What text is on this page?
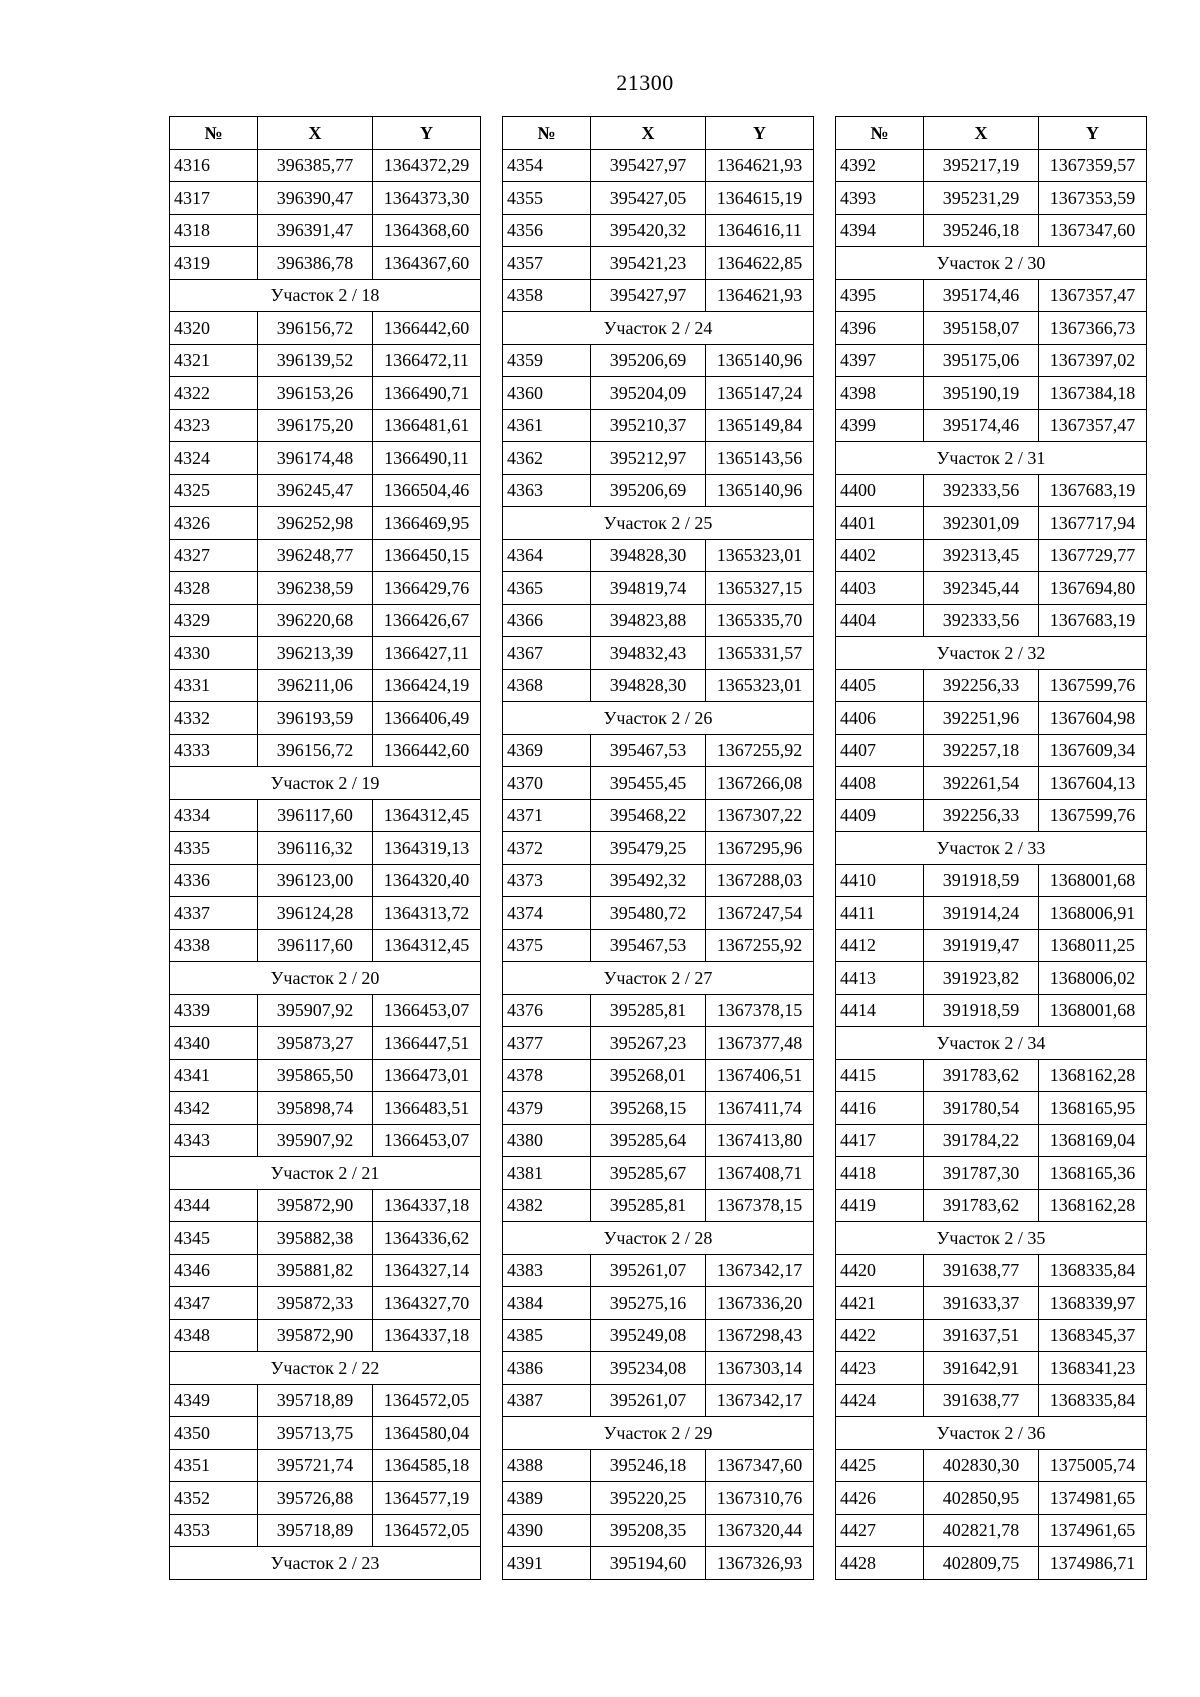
21300
№	X	Y
4316	396385,77	1364372,29
4317	396390,47	1364373,30
4318	396391,47	1364368,60
4319	396386,78	1364367,60
Участок 2 / 18		
4320	396156,72	1366442,60
4321	396139,52	1366472,11
4322	396153,26	1366490,71
4323	396175,20	1366481,61
4324	396174,48	1366490,11
4325	396245,47	1366504,46
4326	396252,98	1366469,95
4327	396248,77	1366450,15
4328	396238,59	1366429,76
4329	396220,68	1366426,67
4330	396213,39	1366427,11
4331	396211,06	1366424,19
4332	396193,59	1366406,49
4333	396156,72	1366442,60
Участок 2 / 19		
4334	396117,60	1364312,45
4335	396116,32	1364319,13
4336	396123,00	1364320,40
4337	396124,28	1364313,72
4338	396117,60	1364312,45
Участок 2 / 20		
4339	395907,92	1366453,07
4340	395873,27	1366447,51
4341	395865,50	1366473,01
4342	395898,74	1366483,51
4343	395907,92	1366453,07
Участок 2 / 21		
4344	395872,90	1364337,18
4345	395882,38	1364336,62
4346	395881,82	1364327,14
4347	395872,33	1364327,70
4348	395872,90	1364337,18
Участок 2 / 22		
4349	395718,89	1364572,05
4350	395713,75	1364580,04
4351	395721,74	1364585,18
4352	395726,88	1364577,19
4353	395718,89	1364572,05
Участок 2 / 23		
№	X	Y
4354	395427,97	1364621,93
4355	395427,05	1364615,19
4356	395420,32	1364616,11
4357	395421,23	1364622,85
4358	395427,97	1364621,93
Участок 2 / 24		
4359	395206,69	1365140,96
4360	395204,09	1365147,24
4361	395210,37	1365149,84
4362	395212,97	1365143,56
4363	395206,69	1365140,96
Участок 2 / 25		
4364	394828,30	1365323,01
4365	394819,74	1365327,15
4366	394823,88	1365335,70
4367	394832,43	1365331,57
4368	394828,30	1365323,01
Участок 2 / 26		
4369	395467,53	1367255,92
4370	395455,45	1367266,08
4371	395468,22	1367307,22
4372	395479,25	1367295,96
4373	395492,32	1367288,03
4374	395480,72	1367247,54
4375	395467,53	1367255,92
Участок 2 / 27		
4376	395285,81	1367378,15
4377	395267,23	1367377,48
4378	395268,01	1367406,51
4379	395268,15	1367411,74
4380	395285,64	1367413,80
4381	395285,67	1367408,71
4382	395285,81	1367378,15
Участок 2 / 28		
4383	395261,07	1367342,17
4384	395275,16	1367336,20
4385	395249,08	1367298,43
4386	395234,08	1367303,14
4387	395261,07	1367342,17
Участок 2 / 29		
4388	395246,18	1367347,60
4389	395220,25	1367310,76
4390	395208,35	1367320,44
4391	395194,60	1367326,93
№	X	Y
4392	395217,19	1367359,57
4393	395231,29	1367353,59
4394	395246,18	1367347,60
Участок 2 / 30		
4395	395174,46	1367357,47
4396	395158,07	1367366,73
4397	395175,06	1367397,02
4398	395190,19	1367384,18
4399	395174,46	1367357,47
Участок 2 / 31		
4400	392333,56	1367683,19
4401	392301,09	1367717,94
4402	392313,45	1367729,77
4403	392345,44	1367694,80
4404	392333,56	1367683,19
Участок 2 / 32		
4405	392256,33	1367599,76
4406	392251,96	1367604,98
4407	392257,18	1367609,34
4408	392261,54	1367604,13
4409	392256,33	1367599,76
Участок 2 / 33		
4410	391918,59	1368001,68
4411	391914,24	1368006,91
4412	391919,47	1368011,25
4413	391923,82	1368006,02
4414	391918,59	1368001,68
Участок 2 / 34		
4415	391783,62	1368162,28
4416	391780,54	1368165,95
4417	391784,22	1368169,04
4418	391787,30	1368165,36
4419	391783,62	1368162,28
Участок 2 / 35		
4420	391638,77	1368335,84
4421	391633,37	1368339,97
4422	391637,51	1368345,37
4423	391642,91	1368341,23
4424	391638,77	1368335,84
Участок 2 / 36		
4425	402830,30	1375005,74
4426	402850,95	1374981,65
4427	402821,78	1374961,65
4428	402809,75	1374986,71
